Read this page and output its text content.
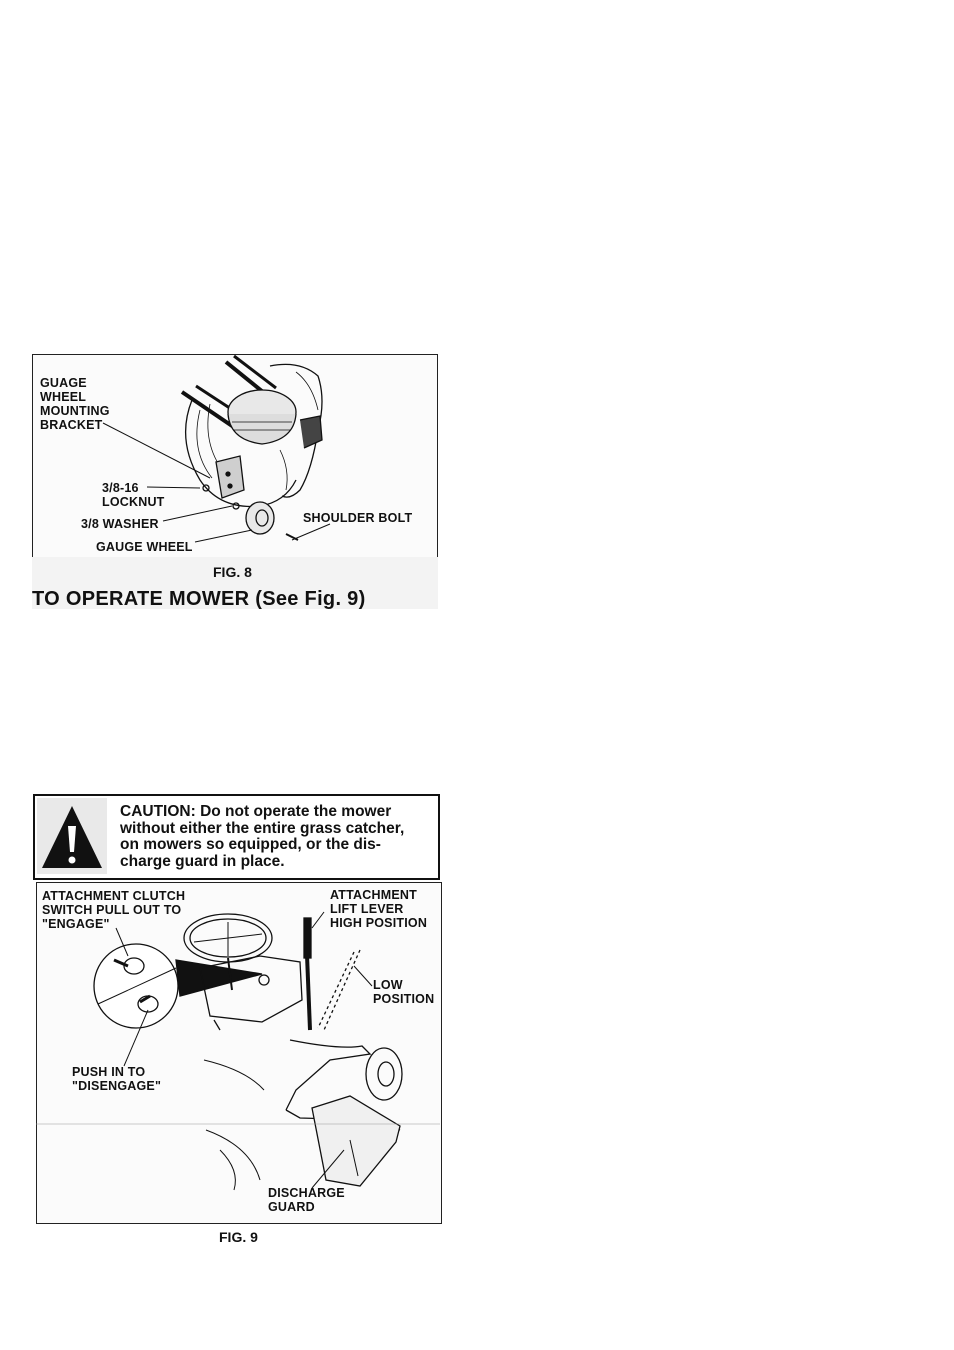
GUAGE
WHEEL
MOUNTING
BRACKET
3/8-16
LOCKNUT
3/8 WASHER
GAUGE WHEEL
SHOULDER BOLT
FIG. 8
TO OPERATE MOWER (See Fig. 9)
CAUTION: Do not operate the mower
without either the entire grass catcher,
on mowers so equipped, or the dis-
charge guard in place.
ATTACHMENT CLUTCH
SWITCH PULL OUT TO
"ENGAGE"
ATTACHMENT
LIFT LEVER
HIGH POSITION
LOW
POSITION
PUSH IN TO
"DISENGAGE"
DISCHARGE
GUARD
FIG. 9
